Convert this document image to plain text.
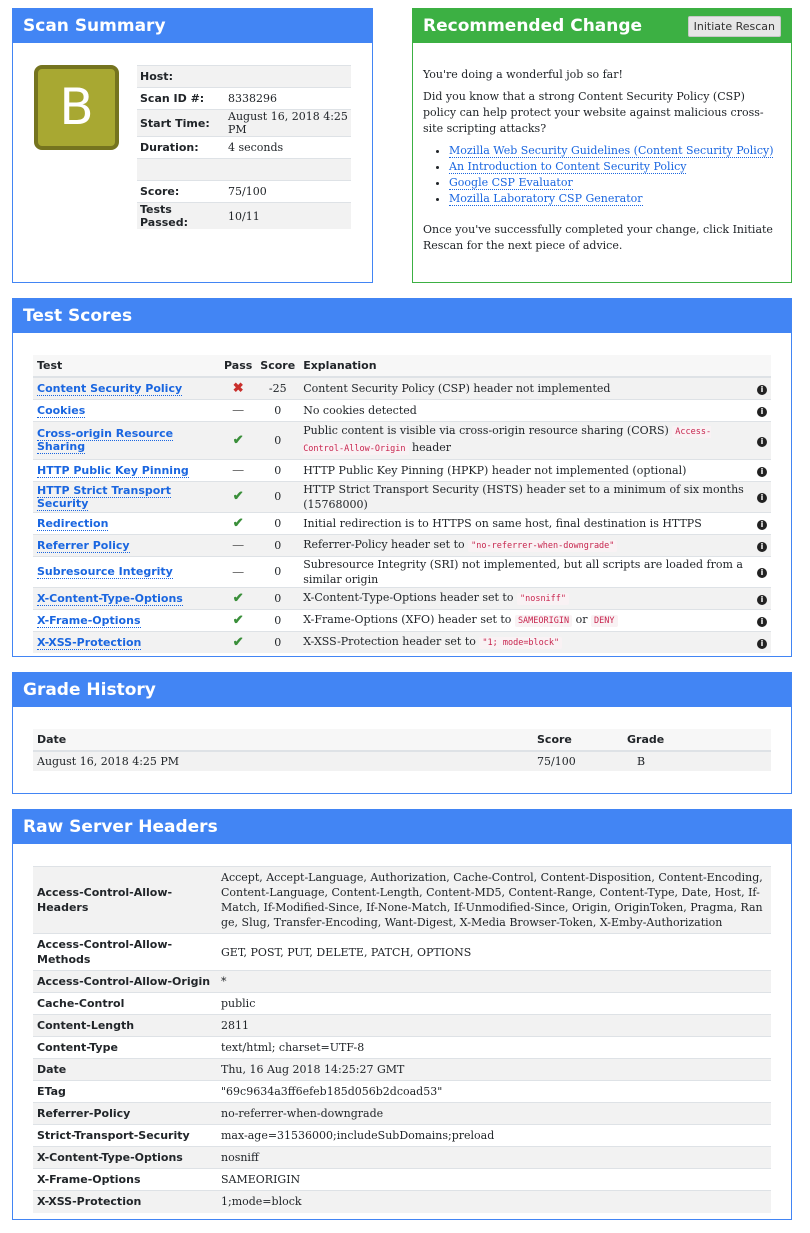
Scan Summary
B
Host:	
Scan ID #:	8338296
Start Time:	August 16, 2018 4:25 PM
Duration:	4 seconds

Score:	75/100
Tests Passed:	10/11
Recommended Change	Initiate Rescan

You're doing a wonderful job so far!

Did you know that a strong Content Security Policy (CSP) policy can help protect your website against malicious cross-site scripting attacks?

• Mozilla Web Security Guidelines (Content Security Policy)
• An Introduction to Content Security Policy
• Google CSP Evaluator
• Mozilla Laboratory CSP Generator
Once you've successfully completed your change, click Initiate Rescan for the next piece of advice.
Test Scores
Test	Pass	Score	Explanation	
Content Security Policy	✖	-25	Content Security Policy (CSP) header not implemented	i
Cookies	—	0	No cookies detected	i
Cross-origin Resource Sharing	✔	0	Public content is visible via cross-origin resource sharing (CORS) Access-Control-Allow-Origin header	i
HTTP Public Key Pinning	—	0	HTTP Public Key Pinning (HPKP) header not implemented (optional)	i
HTTP Strict Transport Security	✔	0	HTTP Strict Transport Security (HSTS) header set to a minimum of six months (15768000)	i
Redirection	✔	0	Initial redirection is to HTTPS on same host, final destination is HTTPS	i
Referrer Policy	—	0	Referrer-Policy header set to "no-referrer-when-downgrade"	i
Subresource Integrity	—	0	Subresource Integrity (SRI) not implemented, but all scripts are loaded from a similar origin	i
X-Content-Type-Options	✔	0	X-Content-Type-Options header set to "nosniff"	i
X-Frame-Options	✔	0	X-Frame-Options (XFO) header set to SAMEORIGIN or DENY	i
X-XSS-Protection	✔	0	X-XSS-Protection header set to "1; mode=block"	i
Grade History
Date	Score	Grade
August 16, 2018 4:25 PM	75/100	B
Raw Server Headers
Access-Control-Allow-Headers	Accept, Accept-Language, Authorization, Cache-Control, Content-Disposition, Content-Encoding, Content-Language, Content-Length, Content-MD5, Content-Range, Content-Type, Date, Host, If-Match, If-Modified-Since, If-None-Match, If-Unmodified-Since, Origin, OriginToken, Pragma, Range, Slug, Transfer-Encoding, Want-Digest, X-Media Browser-Token, X-Emby-Authorization
Access-Control-Allow-Methods	GET, POST, PUT, DELETE, PATCH, OPTIONS
Access-Control-Allow-Origin	*
Cache-Control	public
Content-Length	2811
Content-Type	text/html; charset=UTF-8
Date	Thu, 16 Aug 2018 14:25:27 GMT
ETag	"69c9634a3ff6efeb185d056b2dcoad53"
Referrer-Policy	no-referrer-when-downgrade
Strict-Transport-Security	max-age=31536000;includeSubDomains;preload
X-Content-Type-Options	nosniff
X-Frame-Options	SAMEORIGIN
X-XSS-Protection	1;mode=block
